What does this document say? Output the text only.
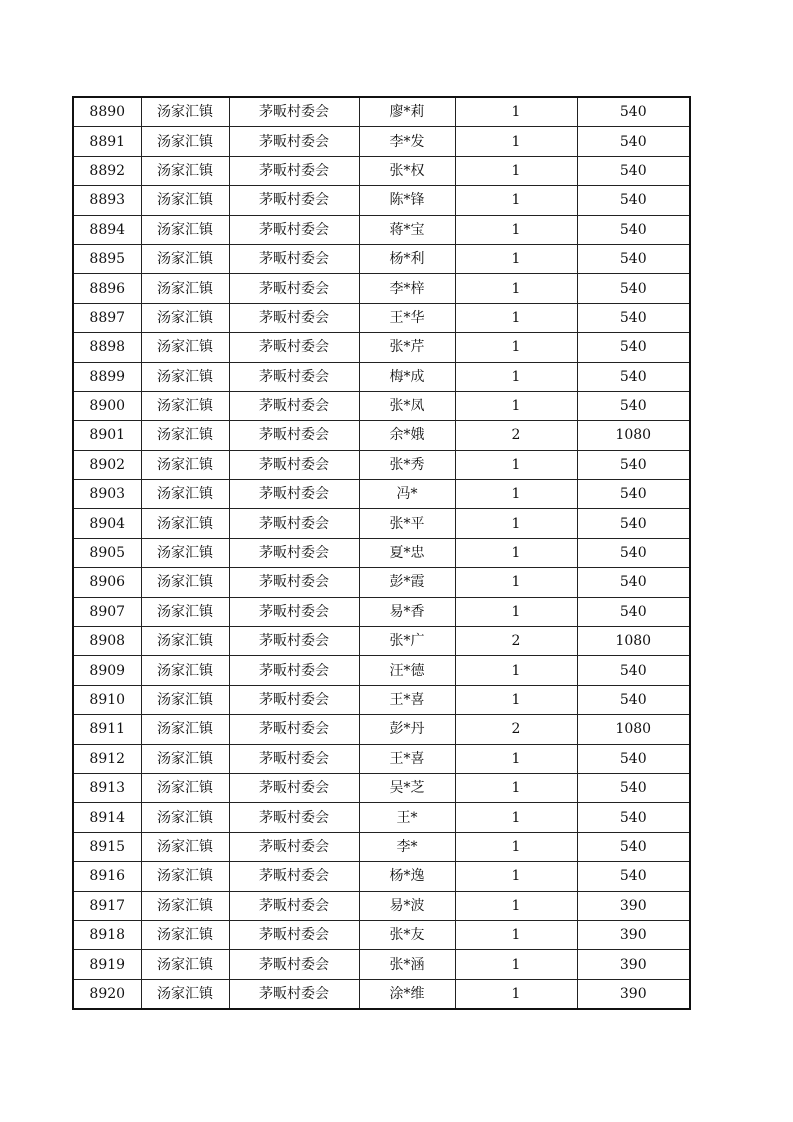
8890	汤家汇镇	茅畈村委会	廖*莉	1	540
8891	汤家汇镇	茅畈村委会	李*发	1	540
8892	汤家汇镇	茅畈村委会	张*权	1	540
8893	汤家汇镇	茅畈村委会	陈*锋	1	540
8894	汤家汇镇	茅畈村委会	蒋*宝	1	540
8895	汤家汇镇	茅畈村委会	杨*利	1	540
8896	汤家汇镇	茅畈村委会	李*梓	1	540
8897	汤家汇镇	茅畈村委会	王*华	1	540
8898	汤家汇镇	茅畈村委会	张*芹	1	540
8899	汤家汇镇	茅畈村委会	梅*成	1	540
8900	汤家汇镇	茅畈村委会	张*凤	1	540
8901	汤家汇镇	茅畈村委会	余*娥	2	1080
8902	汤家汇镇	茅畈村委会	张*秀	1	540
8903	汤家汇镇	茅畈村委会	冯*	1	540
8904	汤家汇镇	茅畈村委会	张*平	1	540
8905	汤家汇镇	茅畈村委会	夏*忠	1	540
8906	汤家汇镇	茅畈村委会	彭*霞	1	540
8907	汤家汇镇	茅畈村委会	易*香	1	540
8908	汤家汇镇	茅畈村委会	张*广	2	1080
8909	汤家汇镇	茅畈村委会	汪*德	1	540
8910	汤家汇镇	茅畈村委会	王*喜	1	540
8911	汤家汇镇	茅畈村委会	彭*丹	2	1080
8912	汤家汇镇	茅畈村委会	王*喜	1	540
8913	汤家汇镇	茅畈村委会	吴*芝	1	540
8914	汤家汇镇	茅畈村委会	王*	1	540
8915	汤家汇镇	茅畈村委会	李*	1	540
8916	汤家汇镇	茅畈村委会	杨*逸	1	540
8917	汤家汇镇	茅畈村委会	易*波	1	390
8918	汤家汇镇	茅畈村委会	张*友	1	390
8919	汤家汇镇	茅畈村委会	张*涵	1	390
8920	汤家汇镇	茅畈村委会	涂*维	1	390
